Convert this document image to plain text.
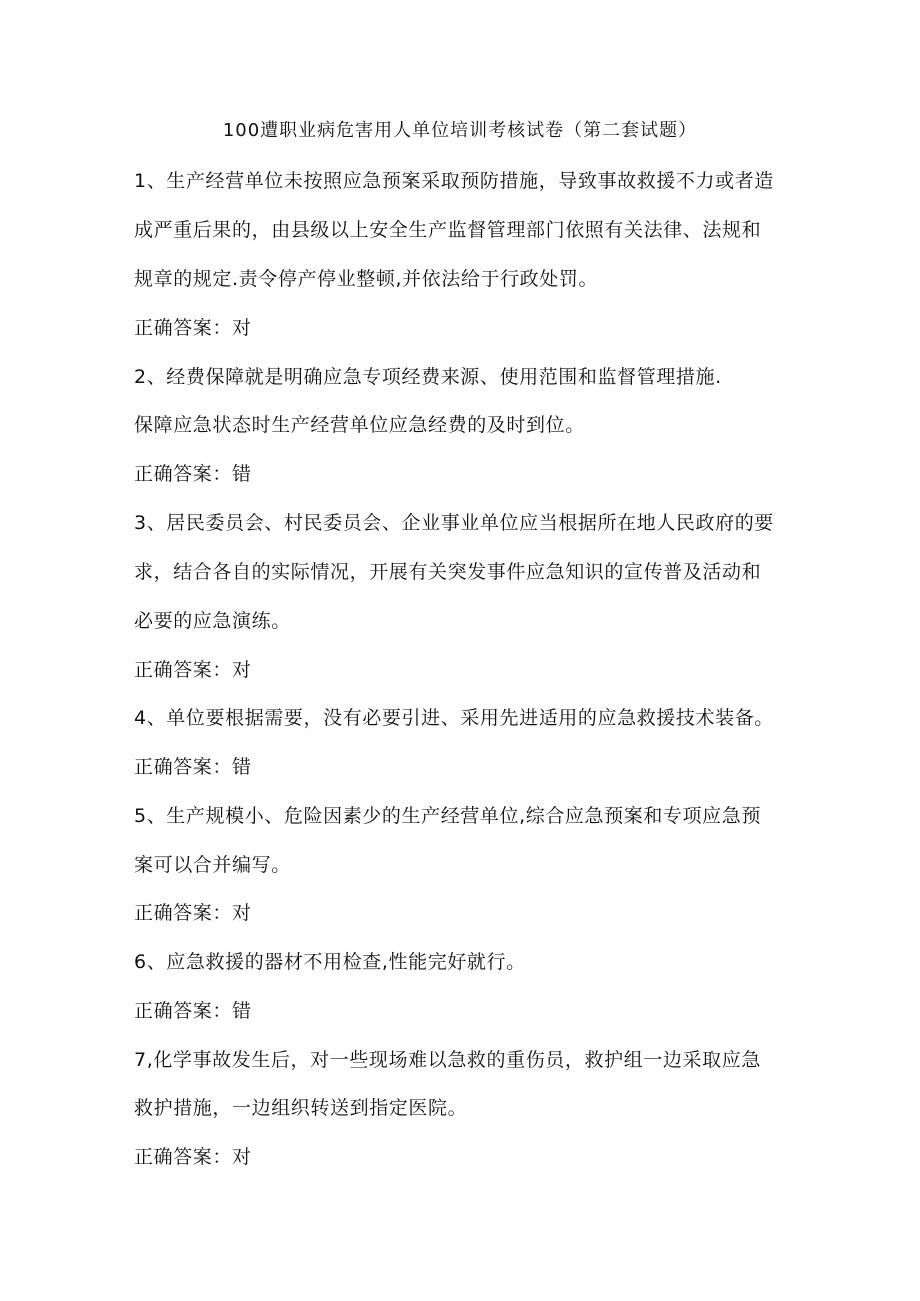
100遭职业病危害用人单位培训考核试卷（第二套试题）
1、生产经营单位未按照应急预案采取预防措施，导致事故救援不力或者造
成严重后果的，由县级以上安全生产监督管理部门依照有关法律、法规和
规章的规定.责令停产停业整顿,并依法给于行政处罚。
正确答案：对
2、经费保障就是明确应急专项经费来源、使用范围和监督管理措施.
保障应急状态时生产经营单位应急经费的及时到位。
正确答案：错
3、居民委员会、村民委员会、企业事业单位应当根据所在地人民政府的要
求，结合各自的实际情况，开展有关突发事件应急知识的宣传普及活动和
必要的应急演练。
正确答案：对
4、单位要根据需要，没有必要引进、采用先进适用的应急救援技术装备。
正确答案：错
5、生产规模小、危险因素少的生产经营单位,综合应急预案和专项应急预
案可以合并编写。
正确答案：对
6、应急救援的器材不用检查,性能完好就行。
正确答案：错
7,化学事故发生后，对一些现场难以急救的重伤员，救护组一边采取应急
救护措施，一边组织转送到指定医院。
正确答案：对
